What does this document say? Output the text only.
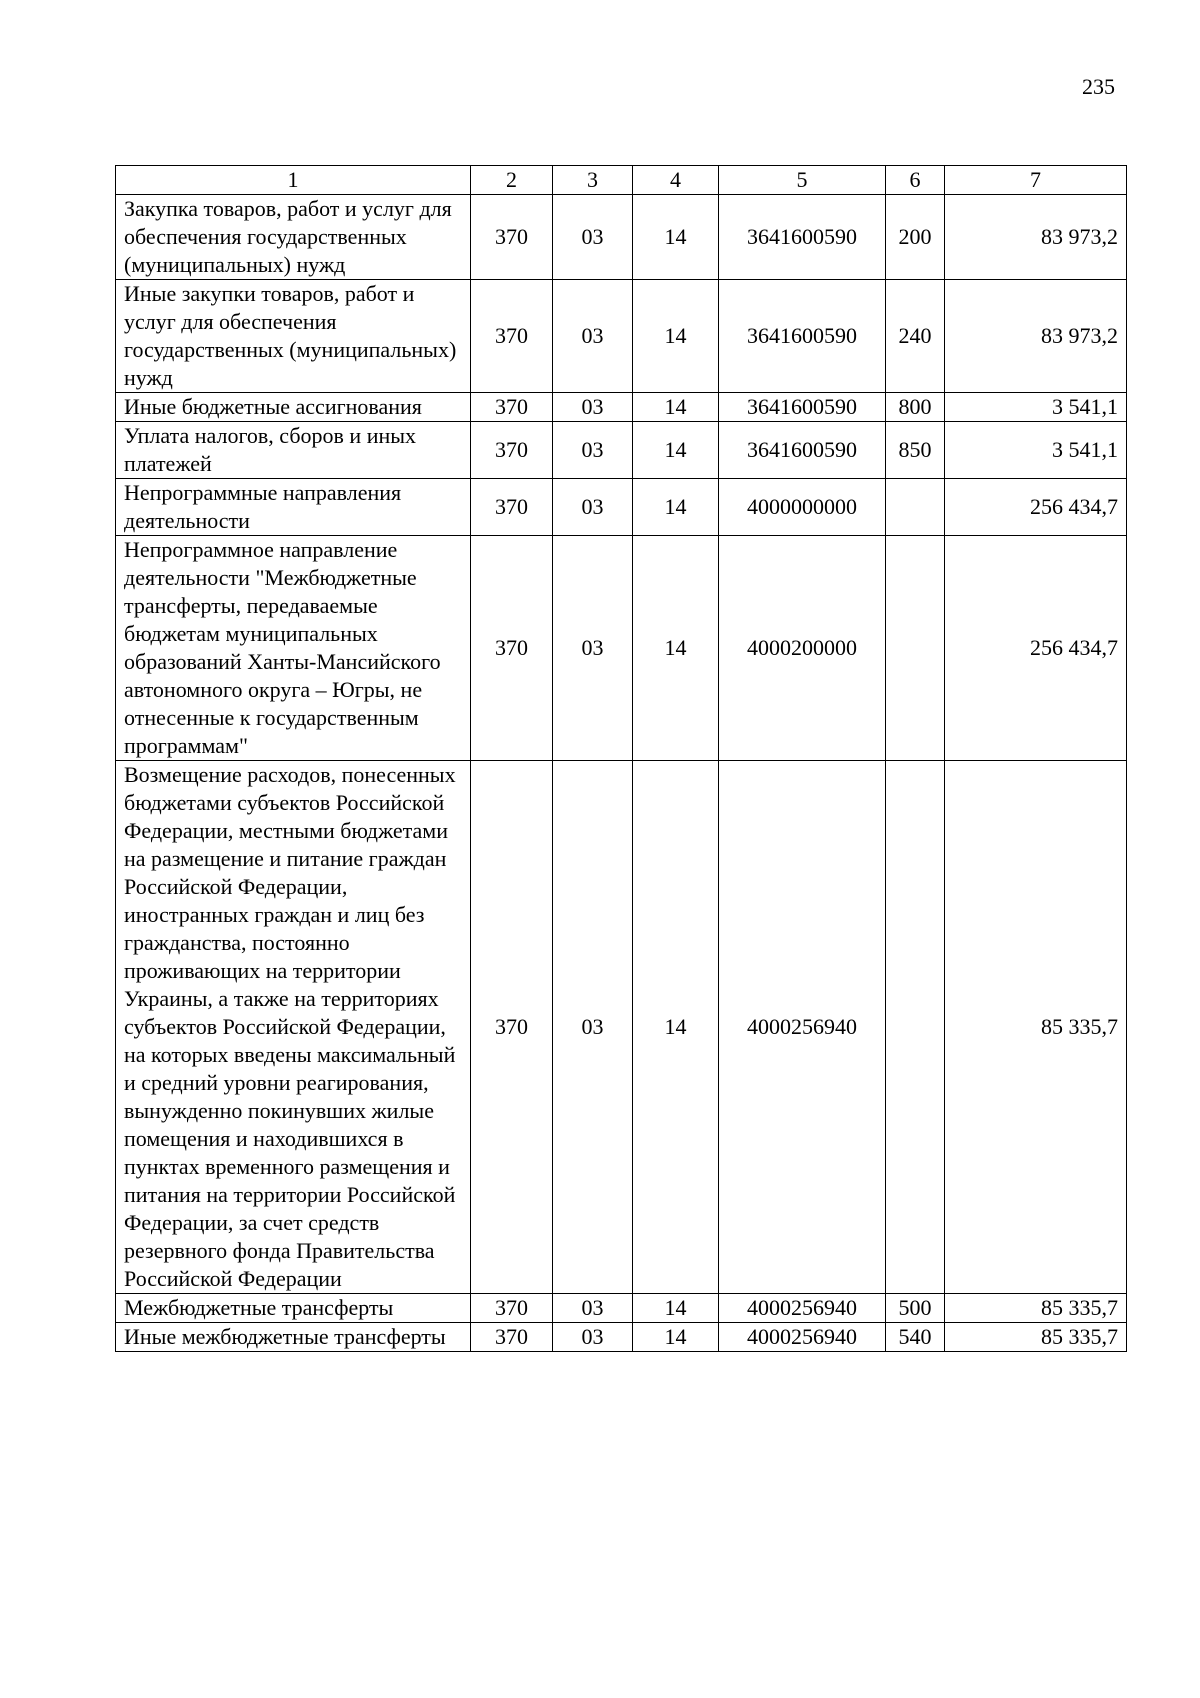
235
1	2	3	4	5	6	7
Закупка товаров, работ и услуг для обеспечения государственных (муниципальных) нужд	370	03	14	3641600590	200	83 973,2
Иные закупки товаров, работ и услуг для обеспечения государственных (муниципальных) нужд	370	03	14	3641600590	240	83 973,2
Иные бюджетные ассигнования	370	03	14	3641600590	800	3 541,1
Уплата налогов, сборов и иных платежей	370	03	14	3641600590	850	3 541,1
Непрограммные направления деятельности	370	03	14	4000000000		256 434,7
Непрограммное направление деятельности "Межбюджетные трансферты, передаваемые бюджетам муниципальных образований Ханты-Мансийского автономного округа – Югры, не отнесенные к государственным программам"	370	03	14	4000200000		256 434,7
Возмещение расходов, понесенных бюджетами субъектов Российской Федерации, местными бюджетами на размещение и питание граждан Российской Федерации, иностранных граждан и лиц без гражданства, постоянно проживающих на территории Украины, а также на территориях субъектов Российской Федерации, на которых введены максимальный и средний уровни реагирования, вынужденно покинувших жилые помещения и находившихся в пунктах временного размещения и питания на территории Российской Федерации, за счет средств резервного фонда Правительства Российской Федерации	370	03	14	4000256940		85 335,7
Межбюджетные трансферты	370	03	14	4000256940	500	85 335,7
Иные межбюджетные трансферты	370	03	14	4000256940	540	85 335,7
